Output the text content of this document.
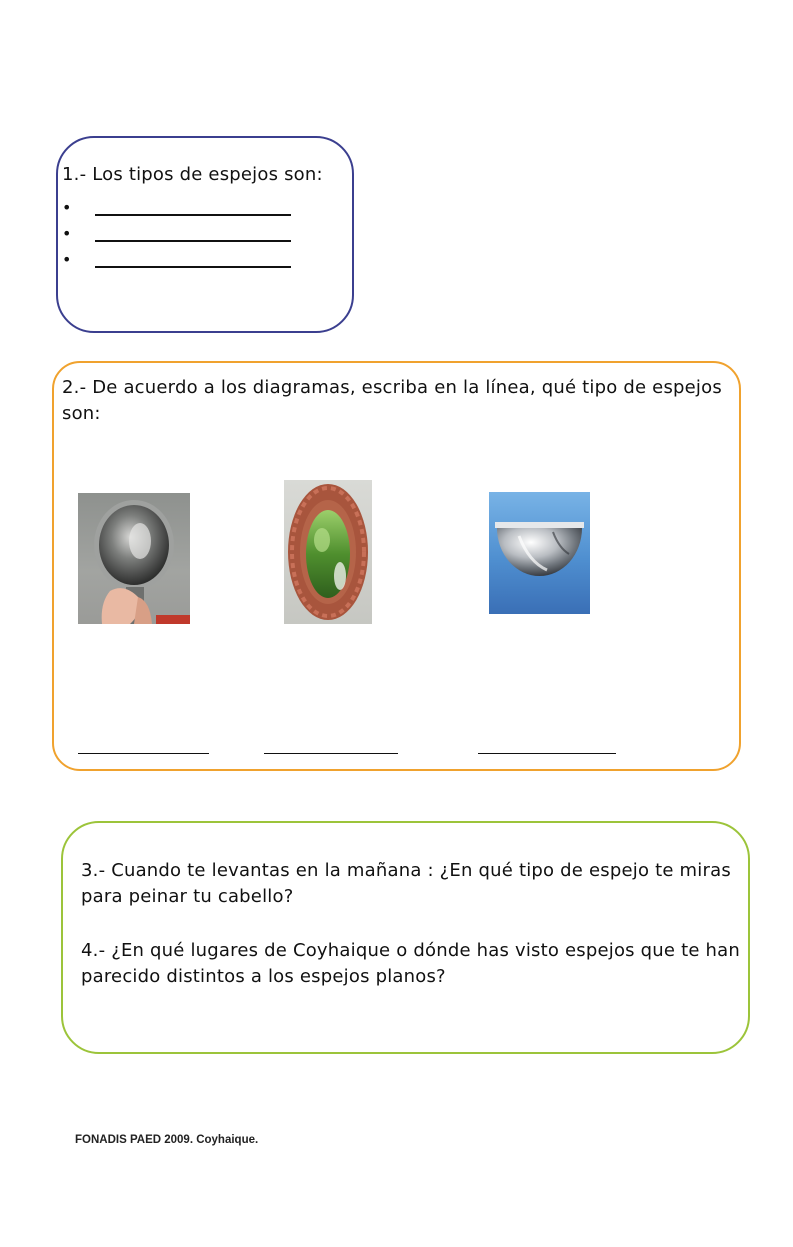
1.- Los tipos de espejos son:
•
•
•
2.- De acuerdo a los diagramas, escriba en la línea, qué tipo de espejos son:
3.- Cuando te levantas en la mañana : ¿En qué tipo de espejo te miras para peinar tu cabello?
4.- ¿En qué lugares de Coyhaique o dónde has visto espejos que te han parecido distintos a los espejos planos?
FONADIS PAED 2009. Coyhaique.
